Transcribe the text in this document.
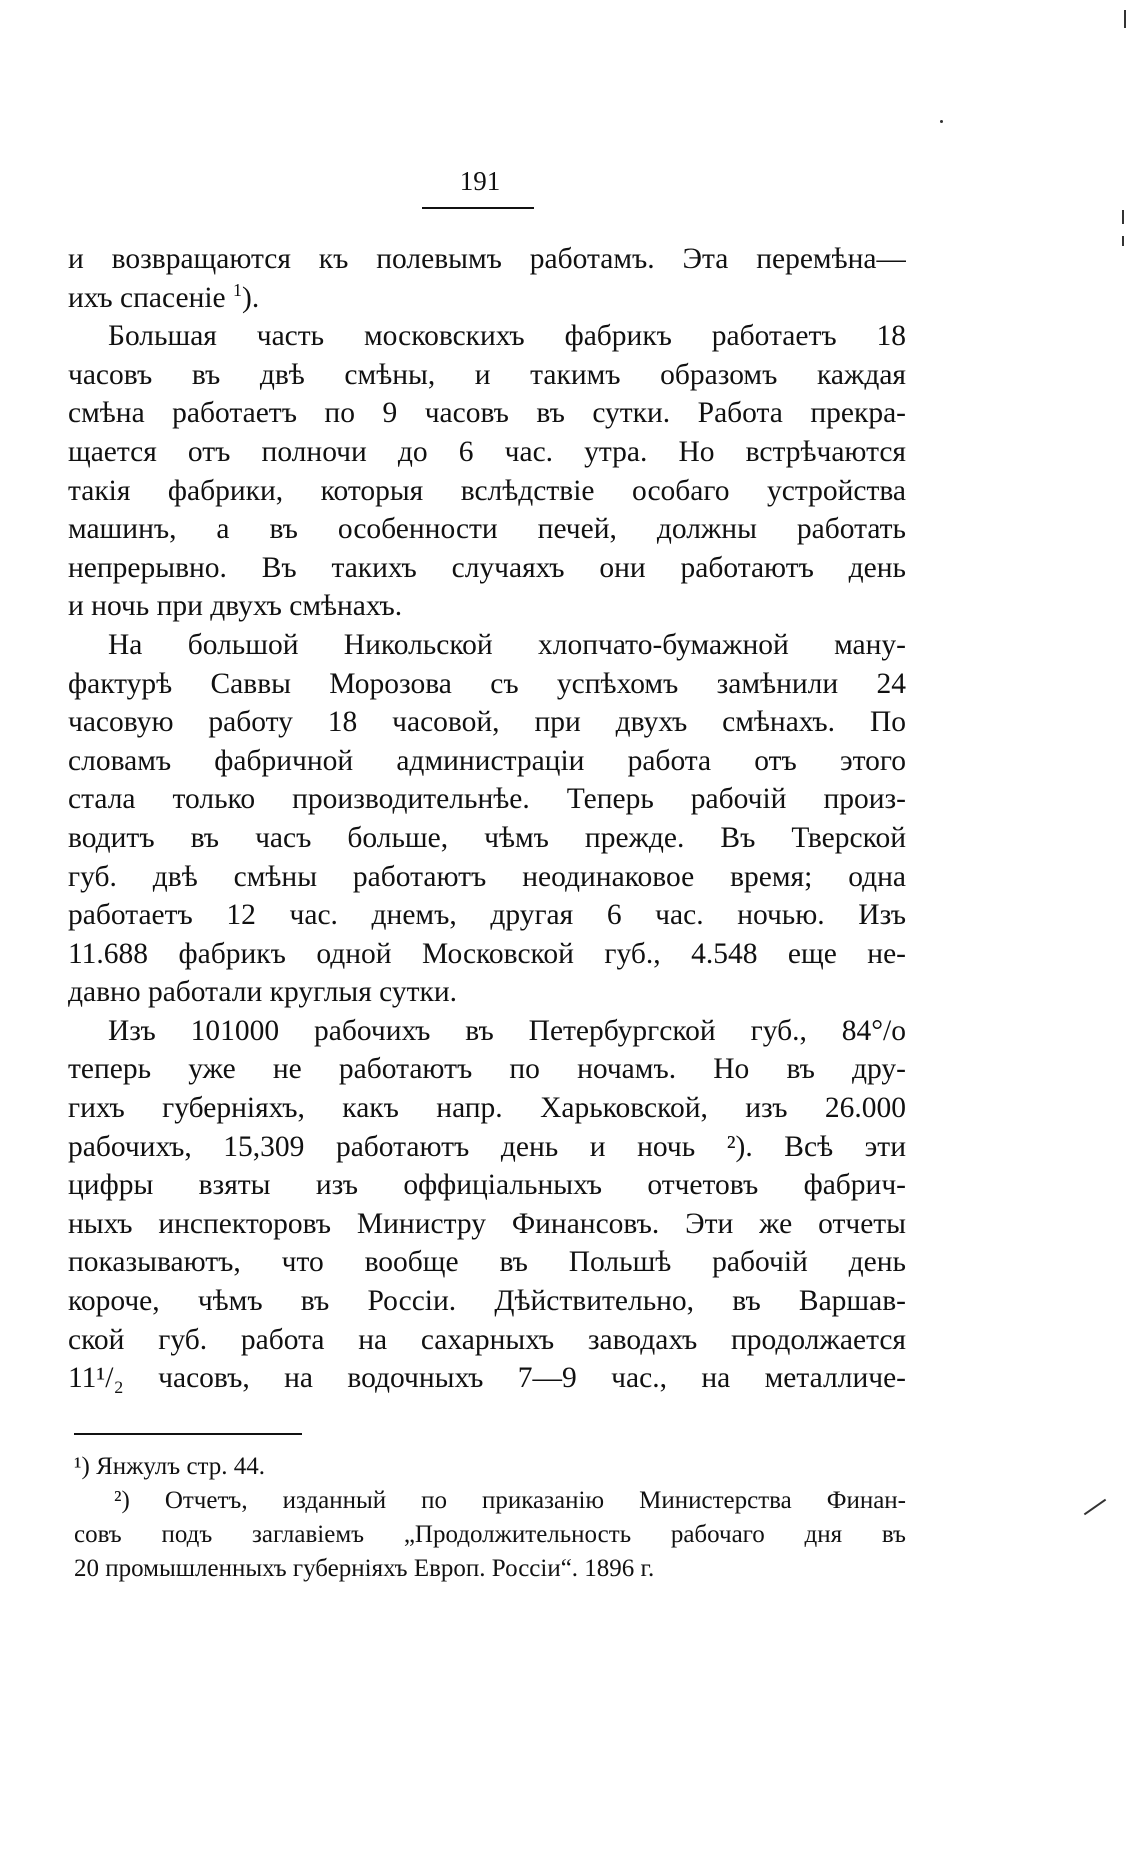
191

и возвращаются къ полевымъ работамъ. Эта перемѣна—
ихъ спасеніе $^1$).

Большая часть московскихъ фабрикъ работаетъ 18
часовъ въ двѣ смѣны, и такимъ образомъ каждая
смѣна работаетъ по 9 часовъ въ сутки. Работа прекра-
щается отъ полночи до 6 час. утра. Но встрѣчаются
такія фабрики, которыя вслѣдствіе особаго устройства
машинъ, а въ особенности печей, должны работать
непрерывно. Въ такихъ случаяхъ они работаютъ день
и ночь при двухъ смѣнахъ.

На большой Никольской хлопчато-бумажной ману-
фактурѣ Саввы Морозова съ успѣхомъ замѣнили 24
часовую работу 18 часовой, при двухъ смѣнахъ. По
словамъ фабричной администраціи работа отъ этого
стала только производительнѣе. Теперь рабочій произ-
водитъ въ часъ больше, чѣмъ прежде. Въ Тверской
губ. двѣ смѣны работаютъ неодинаковое время; одна
работаетъ 12 час. днемъ, другая 6 час. ночью. Изъ
11.688 фабрикъ одной Московской губ., 4.548 еще не-
давно работали круглыя сутки.

Изъ 101000 рабочихъ въ Петербургской губ., 84°/o
теперь уже не работаютъ по ночамъ. Но въ дру-
гихъ губерніяхъ, какъ напр. Харьковской, изъ 26.000
рабочихъ, 15,309 работаютъ день и ночь ²). Всѣ эти
цифры взяты изъ оффиціальныхъ отчетовъ фабрич-
ныхъ инспекторовъ Министру Финансовъ. Эти же отчеты
показываютъ, что вообще въ Польшѣ рабочій день
короче, чѣмъ въ Россіи. Дѣйствительно, въ Варшав-
ской губ. работа на сахарныхъ заводахъ продолжается
11¹/₂ часовъ, на водочныхъ 7—9 час., на металличе-

¹) Янжулъ стр. 44.
²) Отчетъ, изданный по приказанію Министерства Финан-
совъ подъ заглавіемъ „Продолжительность рабочаго дня въ
20 промышленныхъ губерніяхъ Европ. Россіи“. 1896 г.
